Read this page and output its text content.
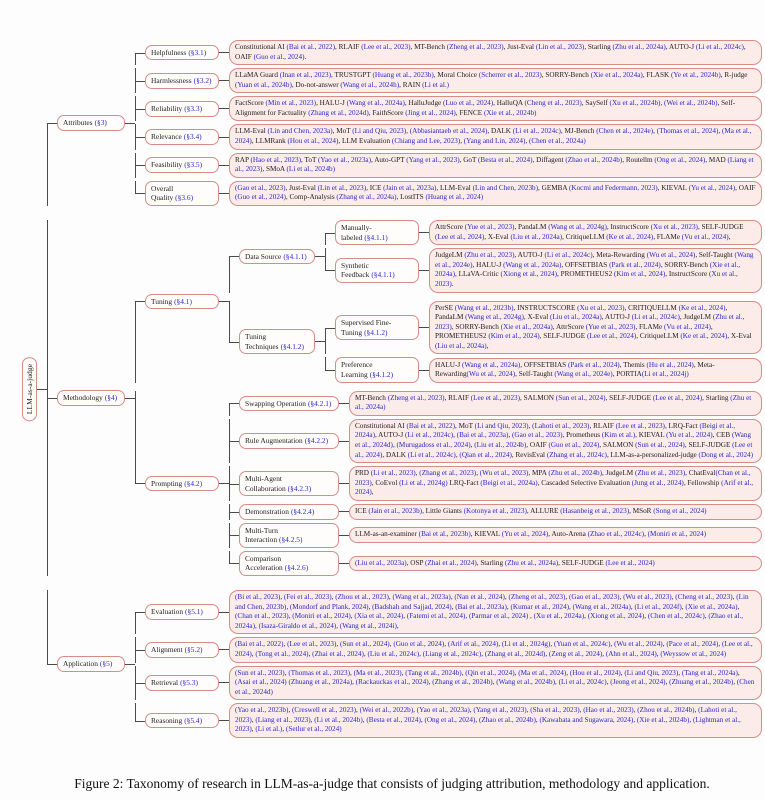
LLM-as-a-judge
Attributes (§3)
Helpfulness (§3.1)
Constitutional AI (Bai et al., 2022), RLAIF (Lee et al., 2023), MT-Bench (Zheng et al., 2023), Just-Eval (Lin et al., 2023), Starling (Zhu et al., 2024a), AUTO-J (Li et al., 2024c), OAIF (Guo et al., 2024).
Harmlessness (§3.2)
LLaMA Guard (Inan et al., 2023), TRUSTGPT (Huang et al., 2023b), Moral Choice (Scherrer et al., 2023), SORRY-Bench (Xie et al., 2024a), FLASK (Ye et al., 2024b), R-judge (Yuan et al., 2024b), Do-not-answer (Wang et al., 2024h), RAIN (Li et al.)
Reliability (§3.3)
FactScore (Min et al., 2023), HALU-J (Wang et al., 2024a), HalluJudge (Luo et al., 2024), HalluQA (Cheng et al., 2023), SaySelf (Xu et al., 2024b), (Wei et al., 2024b), Self-Alignment for Factuality (Zhang et al., 2024d), FaithScore (Jing et al., 2024), FENCE (Xie et al., 2024b)
Relevance (§3.4)
LLM-Eval (Lin and Chen, 2023a), MoT (Li and Qiu, 2023), (Abbasiantaeb et al., 2024), DALK (Li et al., 2024c), MJ-Bench (Chen et al., 2024e), (Thomas et al., 2024), (Ma et al., 2024), LLMRank (Hou et al., 2024), LLM Evaluation (Chiang and Lee, 2023), (Yang and Lin, 2024), (Chen et al., 2024a)
Feasibility (§3.5)
RAP (Hao et al., 2023), ToT (Yao et al., 2023a), Auto-GPT (Yang et al., 2023), GoT (Besta et al., 2024), Diffagent (Zhao et al., 2024b), Routellm (Ong et al., 2024), MAD (Liang et al., 2023), SMoA (Li et al., 2024b)
Overall Quality (§3.6)
(Gao et al., 2023), Just-Eval (Lin et al., 2023), ICE (Jain et al., 2023a), LLM-Eval (Lin and Chen, 2023b), GEMBA (Kocmi and Federmann, 2023), KIEVAL (Yu et al., 2024), OAIF (Guo et al., 2024), Comp-Analysis (Zhang et al., 2024a), LostITS (Huang et al., 2024)
Methodology (§4)
Tuning (§4.1)
Data Source (§4.1.1)
Manually-labeled (§4.1.1)
AttrScore (Yue et al., 2023), PandaLM (Wang et al., 2024g), InstructScore (Xu et al., 2023), SELF-JUDGE (Lee et al., 2024), X-Eval (Liu et al., 2024a), CritiqueLLM (Ke et al., 2024), FLAMe (Vu et al., 2024),
Synthetic Feedback (§4.1.1)
JudgeLM (Zhu et al., 2023), AUTO-J (Li et al., 2024c), Meta-Rewarding (Wu et al., 2024), Self-Taught (Wang et al., 2024e), HALU-J (Wang et al., 2024a), OFFSETBIAS (Park et al., 2024), SORRY-Bench (Xie et al., 2024a), LLaVA-Critic (Xiong et al., 2024), PROMETHEUS2 (Kim et al., 2024), InstructScore (Xu et al., 2023).
Tuning Techniques (§4.1.2)
Supervised Fine-Tuning (§4.1.2)
PerSE (Wang et al., 2023b), INSTRUCTSCORE (Xu et al., 2023), CRITIQUELLM (Ke et al., 2024), PandaLM (Wang et al., 2024g), X-Eval (Liu et al., 2024a), AUTO-J (Li et al., 2024c), JudgeLM (Zhu et al., 2023), SORRY-Bench (Xie et al., 2024a), AttrScore (Yue et al., 2023), FLAMe (Vu et al., 2024), PROMETHEUS2 (Kim et al., 2024), SELF-JUDGE (Lee et al., 2024), CritiqueLLM (Ke et al., 2024), X-Eval (Liu et al., 2024a),
Preference Learning (§4.1.2)
HALU-J (Wang et al., 2024a), OFFSETBIAS (Park et al., 2024), Themis (Hu et al., 2024), Meta-Rewarding(Wu et al., 2024), Self-Taught (Wang et al., 2024e), PORTIA(Li et al., 2024j)
Prompting (§4.2)
Swapping Operation (§4.2.1)
MT-Bench (Zheng et al., 2023), RLAIF (Lee et al., 2023), SALMON (Sun et al., 2024), SELF-JUDGE (Lee et al., 2024), Starling (Zhu et al., 2024a)
Rule Augmentation (§4.2.2)
Constitutional AI (Bai et al., 2022), MoT (Li and Qiu, 2023), (Lahoti et al., 2023), RLAIF (Lee et al., 2023), LRQ-Fact (Beigi et al., 2024a), AUTO-J (Li et al., 2024c), (Bai et al., 2023a), (Gao et al., 2023), Prometheus (Kim et al.), KIEVAL (Yu et al., 2024), CEB (Wang et al., 2024d), (Murugadoss et al., 2024), (Liu et al., 2024b), OAIF (Guo et al., 2024), SALMON (Sun et al., 2024), SELF-JUDGE (Lee et al., 2024), DALK (Li et al., 2024c), (Qian et al., 2024), RevisEval (Zhang et al., 2024c), LLM-as-a-personalized-judge (Dong et al., 2024)
Multi-Agent Collaboration (§4.2.3)
PRD (Li et al., 2023), (Zhang et al., 2023), (Wu et al., 2023), MPA (Zhu et al., 2024b), JudgeLM (Zhu et al., 2023), ChatEval(Chan et al., 2023), CoEvol (Li et al., 2024g) LRQ-Fact (Beigi et al., 2024a), Cascaded Selective Evaluation (Jung et al., 2024), Fellowship (Arif et al., 2024),
Demonstration (§4.2.4)	ICE (Jain et al., 2023b), Little Giants (Kotonya et al., 2023), ALLURE (Hasanbeig et al., 2023), MSoR (Song et al., 2024)
Multi-Turn Interaction (§4.2.5)
LLM-as-an-examiner (Bai et al., 2023b), KIEVAL (Yu et al., 2024), Auto-Arena (Zhao et al., 2024c), (Moniri et al., 2024)
Comparison Acceleration (§4.2.6)
(Liu et al., 2023a), OSP (Zhai et al., 2024), Starling (Zhu et al., 2024a), SELF-JUDGE (Lee et al., 2024)
Application (§5)
Evaluation (§5.1)
(Bi et al., 2023), (Fei et al., 2023), (Zhou et al., 2023), (Wang et al., 2023a), (Nan et al., 2024), (Zheng et al., 2023), (Gao et al., 2023), (Wu et al., 2023), (Cheng et al., 2023), (Lin and Chen, 2023b), (Mondorf and Plank, 2024), (Badshah and Sajjad, 2024), (Bai et al., 2023a), (Kumar et al., 2024), (Wang et al., 2024a), (Li et al., 2024f), (Xie et al., 2024a), (Chan et al., 2023), (Moniri et al., 2024), (Xia et al., 2024), (Fatemi et al., 2024), (Parmar et al., 2024) , (Xu et al., 2024a), (Xiong et al., 2024), (Chen et al., 2024c), (Zhao et al., 2024a), (Isaza-Giraldo et al., 2024), (Wang et al., 2024i),
Alignment (§5.2)
(Bai et al., 2022), (Lee et al., 2023), (Sun et al., 2024), (Guo et al., 2024), (Arif et al., 2024), (Li et al., 2024g), (Yuan et al., 2024c), (Wu et al., 2024), (Pace et al., 2024), (Lee et al., 2024), (Tong et al., 2024), (Zhai et al., 2024), (Liu et al., 2024c), (Liang et al., 2024c), (Zhang et al., 2024d), (Zeng et al., 2024), (Ahn et al., 2024), (Weyssow et al., 2024)
Retrieval (§5.3)
(Sun et al., 2023), (Thomas et al., 2023), (Ma et al., 2023), (Tang et al., 2024b), (Qin et al., 2024), (Ma et al., 2024), (Hou et al., 2024), (Li and Qiu, 2023), (Tang et al., 2024a), (Asai et al., 2024) (Zhuang et al., 2024a), (Rackauckas et al., 2024), (Zhang et al., 2024b), (Wang et al., 2024b), (Li et al., 2024c), (Jeong et al., 2024), (Zhuang et al., 2024b), (Chen et al., 2024d)
Reasoning (§5.4)
(Yao et al., 2023b), (Creswell et al., 2023), (Wei et al., 2022b), (Yao et al., 2023a), (Yang et al., 2023), (Sha et al., 2023), (Hao et al., 2023), (Zhou et al., 2024b), (Lahoti et al., 2023), (Liang et al., 2023), (Li et al., 2024b), (Besta et al., 2024), (Ong et al., 2024), (Zhao et al., 2024b), (Kawabata and Sugawara, 2024), (Xie et al., 2024b), (Lightman et al., 2023), (Li et al.), (Setlur et al., 2024)
Figure 2: Taxonomy of research in LLM-as-a-judge that consists of judging attribution, methodology and application.
